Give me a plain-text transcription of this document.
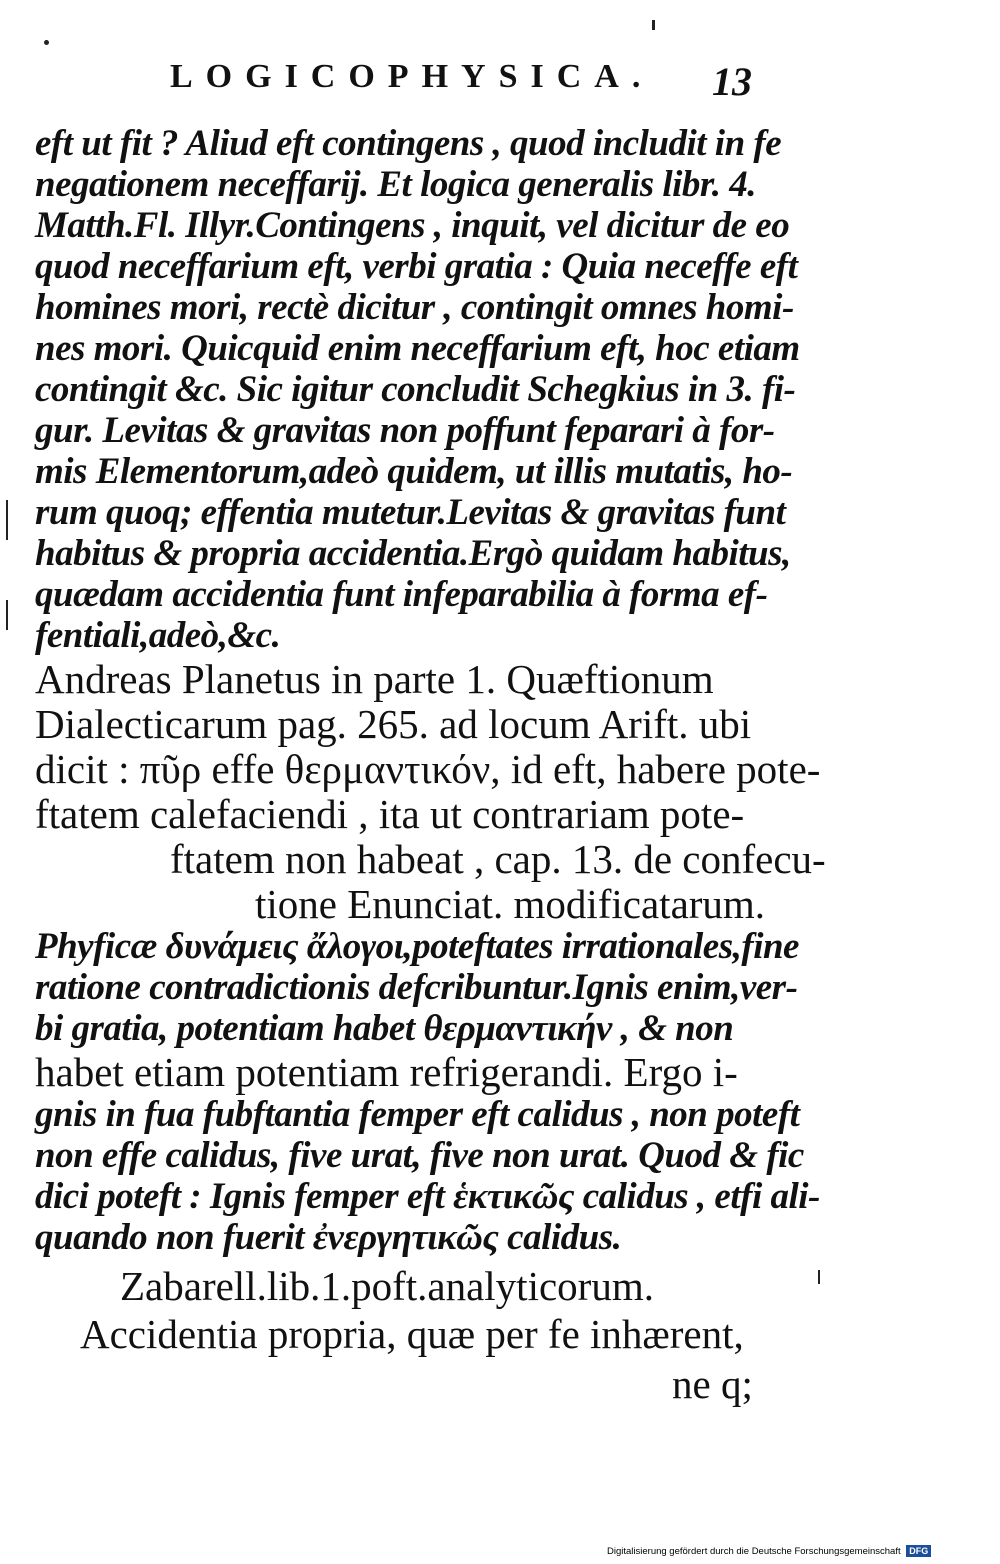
LOGICOPHYSICA. 13
eft ut fit ? Aliud eft contingens , quod includit in fe
negationem neceffarij. Et logica generalis libr. 4.
Matth.Fl. Illyr.Contingens , inquit, vel dicitur de eo
quod neceffarium eft, verbi gratia : Quia neceffe eft
homines mori, rectè dicitur , contingit omnes homi-
nes mori. Quicquid enim neceffarium eft, hoc etiam
contingit &c. Sic igitur concludit Schegkius in 3. fi-
gur. Levitas & gravitas non poffunt feparari à for-
mis Elementorum,adeò quidem, ut illis mutatis, ho-
rum quoq; effentia mutetur.Levitas & gravitas funt
habitus & propria accidentia.Ergò quidam habitus,
quædam accidentia funt infeparabilia à forma ef-
fentiali,adeò,&c.
Andreas Planetus in parte 1. Quæftionum
Dialecticarum pag. 265. ad locum Arift. ubi
dicit : πῦρ effe θερμαντικόν, id eft, habere pote-
ftatem calefaciendi , ita ut contrariam pote-
ftatem non habeat , cap. 13. de confecu-
tione Enunciat. modificatarum.
Phyficæ δυνάμεις ἄλογοι,poteftates irrationales,fine
ratione contradictionis defcribuntur.Ignis enim,ver-
bi gratia, potentiam habet θερμαντικήν , & non
habet etiam potentiam refrigerandi. Ergo i-
gnis in fua fubftantia femper eft calidus , non poteft
non effe calidus, five urat, five non urat. Quod & fic
dici poteft : Ignis femper eft ἑκτικῶς calidus , etfi ali-
quando non fuerit ἐνεργητικῶς calidus.
Zabarell.lib.1.poft.analyticorum.
Accidentia propria, quæ per fe inhærent,
ne q;
Digitalisierung gefördert durch die Deutsche Forschungsgemeinschaft DFG
